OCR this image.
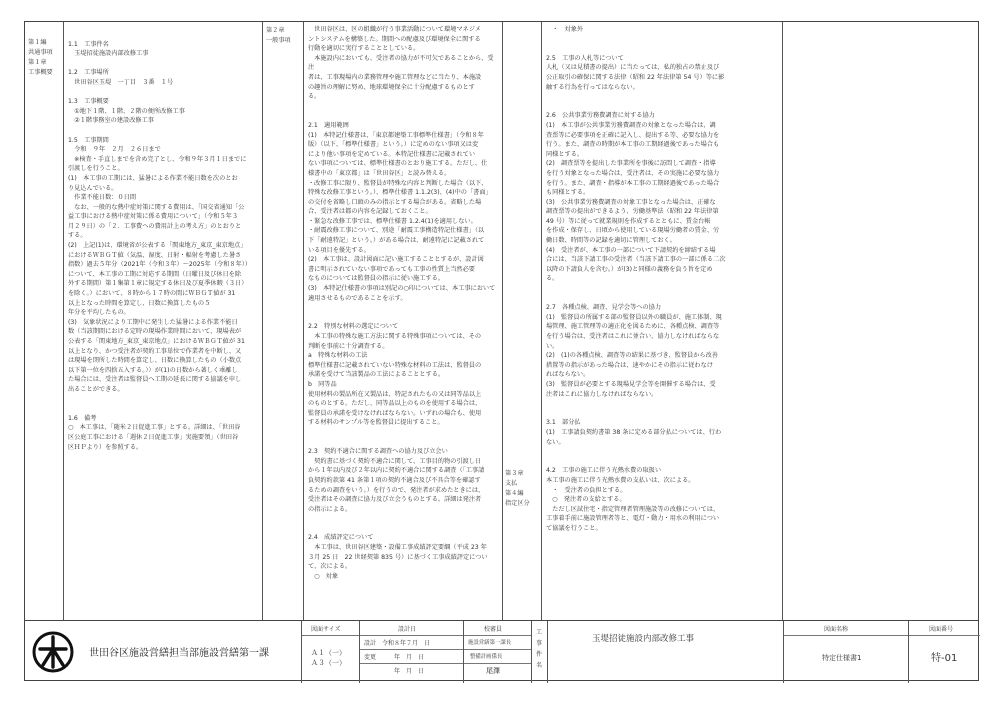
第１編
共通事項
第１章
工事概要
1.1　工事件名
　玉堤招徒施設内部改修工事
1.2　工事場所
　世田谷区玉堤　一丁目　３番　１号
1.3　工事概要
　①地下１階、１階、２階の便所改修工事
　②１階事務室の建設改修工事
1.5　工事期間
　令和　９年　２月　２６日まで
　※検査・手直しまでを含め完了とし、令和９年３月１日までに
引渡しを行うこと。
(1)　本工事の工期には、猛暑による作業不能日数を次のとお
り見込んでいる。
　作業不能日数：０日間
　なお、一般的な熱中症対策に関する費用は、「国交省通知「公
益工事における熱中症対策に係る費用について」（令和５年３
月２９日）の「２．工事費への費用計上の考え方」のとおりと
する。
(2)　上記(1)は、環境省が公表する「関東地方_東京_東京地点」
におけるＷＢＧＴ値（気温、湿度、日射・輻射を考慮した暑さ
指数）過去５年分（2021年（令和３年）～2025年（令和８年））
について、本工事の工期に対応する期間（日曜日及び休日を除
外する期間）第１集第１章に規定する休日及び夏季休暇（３日）
を除く。）において、８時から１７時の間にＷＢＧＴ値が 31
以上となった時間を算定し、日数に換算したもの５
年分を平均したもの。
(3)　気象状況により工期中に発生した猛暑による作業不能日
数（当該期間における定時の現場作業時間において、現場表が
公表する「関東地方_東京_東京地点」におけるＷＢＧＴ値が 31
以上となり、かつ受注者が契約工事単位で作業者を中断し、又
は現場を閉所した時間を算定し、日数に換算したもの（小数点
以下第一位を四捨五入する。））が(1)の日数から著しく乖離し
た場合には、受注者は監督員へ工期の延長に関する協議を申し
出ることができる。
1.6　備考
○　本工事は、「随米２日促進工事」とする。詳細は、「世田谷
区公庭工事における「週休２日促進工事」実施要領」（世田谷
区ＨＰより）を参照する。
第２章
一般事項
　世田谷区は、区の組織が行う事業活動について環境マネジメ
ントシステムを構築した。期間への配慮及び環境保全に関する
行動を適切に実行することとしている。
　本施設内においても、受注者の協力が不可欠であることから、受注
者は、工事現場内の業務管理や施工管理などに当たり、本施設
の趣旨の理解に努め、地球環境保全に十分配慮するものとす
る。
2.1　適用範囲
(1)　本特記仕様書は、「東京都建築工事標準仕様書」（令和８年
版）（以下、「標準仕様書」という。）に定めのない事項又は変
により他い事項を定めている。本特記仕様書に記載されてい
ない事項については、標準仕様書のとおり施工する。ただし、仕
様書中の「東京都」は「世田谷区」と読み替える。
・改修工事に限り、監督員が特殊な内容と判断した場合（以下、
特殊な改修工事という。）、標準仕様書 1.1.2(3)、(4)中の「書面」
の交付を省略し口頭のみの指示とする場合がある。省略した場
合、受注者は都の内容を記録しておくこと。
・緊急な改修工事では、標準仕様書 1.2.4(1)を適用しない。
・耐震改修工事について、別途「耐震工事構造特記仕様書」（以
下「耐遠特記」という。）がある場合は、耐遠特記に記載されて
いる項目を優先する。
(2)　本工事は、設計図面に記い施工することとするが、設計図
書に明示されていない事項であっても工事の性質上当然必要
なものについては監督員の指示に従い施工する。
(3)　本特記仕様書の事項は別記の○印については、本工事において
適用させるものであることを示す。
2.2　特別な材料の選定について
　本工事の特殊な施工方法に関する特殊事項については、その
判断を事前に十分調査する。
a　特殊な材料の工法
標準仕様書に記載されていない特殊な材料の工法は、監督員の
承諾を受けて当該製品の工法によることとする。
b　同等品
使用材料の製品所在又製品は、特記されたもの又は同等品以上
のものとする。ただし、同等品以上のものを使用する場合は、
監督員の承諾を受けなければならない。いずれの場合も、使用
する材料のサンプル等を監督員に提出すること。
2.3　契約不適合に関する調査への協力及び立会い
　契約書に基づく契約不適合に関して、工事目的物の引渡し日
から１年以内及び２年以内に契約不適合に関する調査（「工事請
負契約約款第 41 条第１項の契約不適合及び不具合等を確認す
るための調査をいう。）を行うので、発注者が求めたときには、
受注者はその調査に協力及び立会うものとする。詳細は発注者
の指示による。
2.4　成績評定について
　本工事は、世田谷区建築・設備工事成績評定要綱（平成 23 年
３月 25 日　22 世経契第 835 号）に基づく工事成績評定につい
て、次による。
　○　対象
第３章
支払
第４編
指定区分
　・　対象外
2.5　工事の人札等について
人札（又は見積書の提出）に当たっては、私的独占の禁止及び
公正取引の確保に関する法律（昭和 22 年法律第 54 号）等に影
触する行為を行ってはならない。
2.6　公共事業労務費調査に対する協力
(1)　本工事が公共事業労務費調査の対象となった場合は、調
査票等に必要事項を正確に記入し、提出する等、必要な協力を
行う。また、調査の時期が本工事の工期経過後であった場合も
同様とする。
(2)　調査票等を提出した事業所を事後に訪問して調査・指導
を行う対象となった場合は、受注者は、その実施に必要な協力
を行う。また、調査・指導が本工事の工期経過後であった場合
も同様とする。
(3)　公共事業労務費調査の対象工事となった場合は、正確な
調査票等の提出ができるよう、労働基準法（昭和 22 年法律第
49 号）等に従って就業規則を作成するとともに、賃金台帳
を作成・保存し、日頃から使用している現場労働者の賃金、労
働日数、時間等の記録を適切に管理しておく。
(4)　受注者が、本工事の一部について下請契約を締結する場
合には、当該下請工事の受注者（当該下請工事の一部に係る二次
以降の下請負人を含む。）が(3)と同様の義務を負う旨を定め
る。
2.7　各種点検、調査、見学会等への協力
(1)　監督員の所属する部の監督員以外の職員が、施工体制、現
場管理、施工管理等の適正化を図るために、各種点検、調査等
を行う場合は、受注者はこれに並合い、協力しなければならな
い。
(2)　(1)の各種点検、調査等の結果に基づき、監督員から改善
措置等の指示があった場合は、速やかにその指示に従わなけ
ればならない。
(3)　監督員が必要とする現場見学会等を開催する場合は、受
注者はこれに協力しなければならない。
3.1　部分払
(1)　工事請負契約書第 38 条に定める部分払については、行わ
ない。
4.2　工事の施工に伴う光熱水費の取扱い
本工事の施工に伴う光熱水費の支払いは、次による。
　・　受注者の負担とする。
　○　発注者の支給とする。
　ただし区試住宅・指定管理者管理施設等の改修については、
工事着手前に施設管理者等と、電灯・動力・用水の利用につい
て協議を行うこと。
世田谷区施設営繕担当部施設営繕第一課
図面サイズ
Ａ１（一）
Ａ３（一）
設計日
設計　令和８年７月　日
変更　　　年　月　日
　　　　　年　月　日
校審員
施設営繕第一課長
整備計画係長
尾澤
工事件名
玉堤招徒施設内部改修工事
図面名称
特定仕様書1
図面番号
特-01
